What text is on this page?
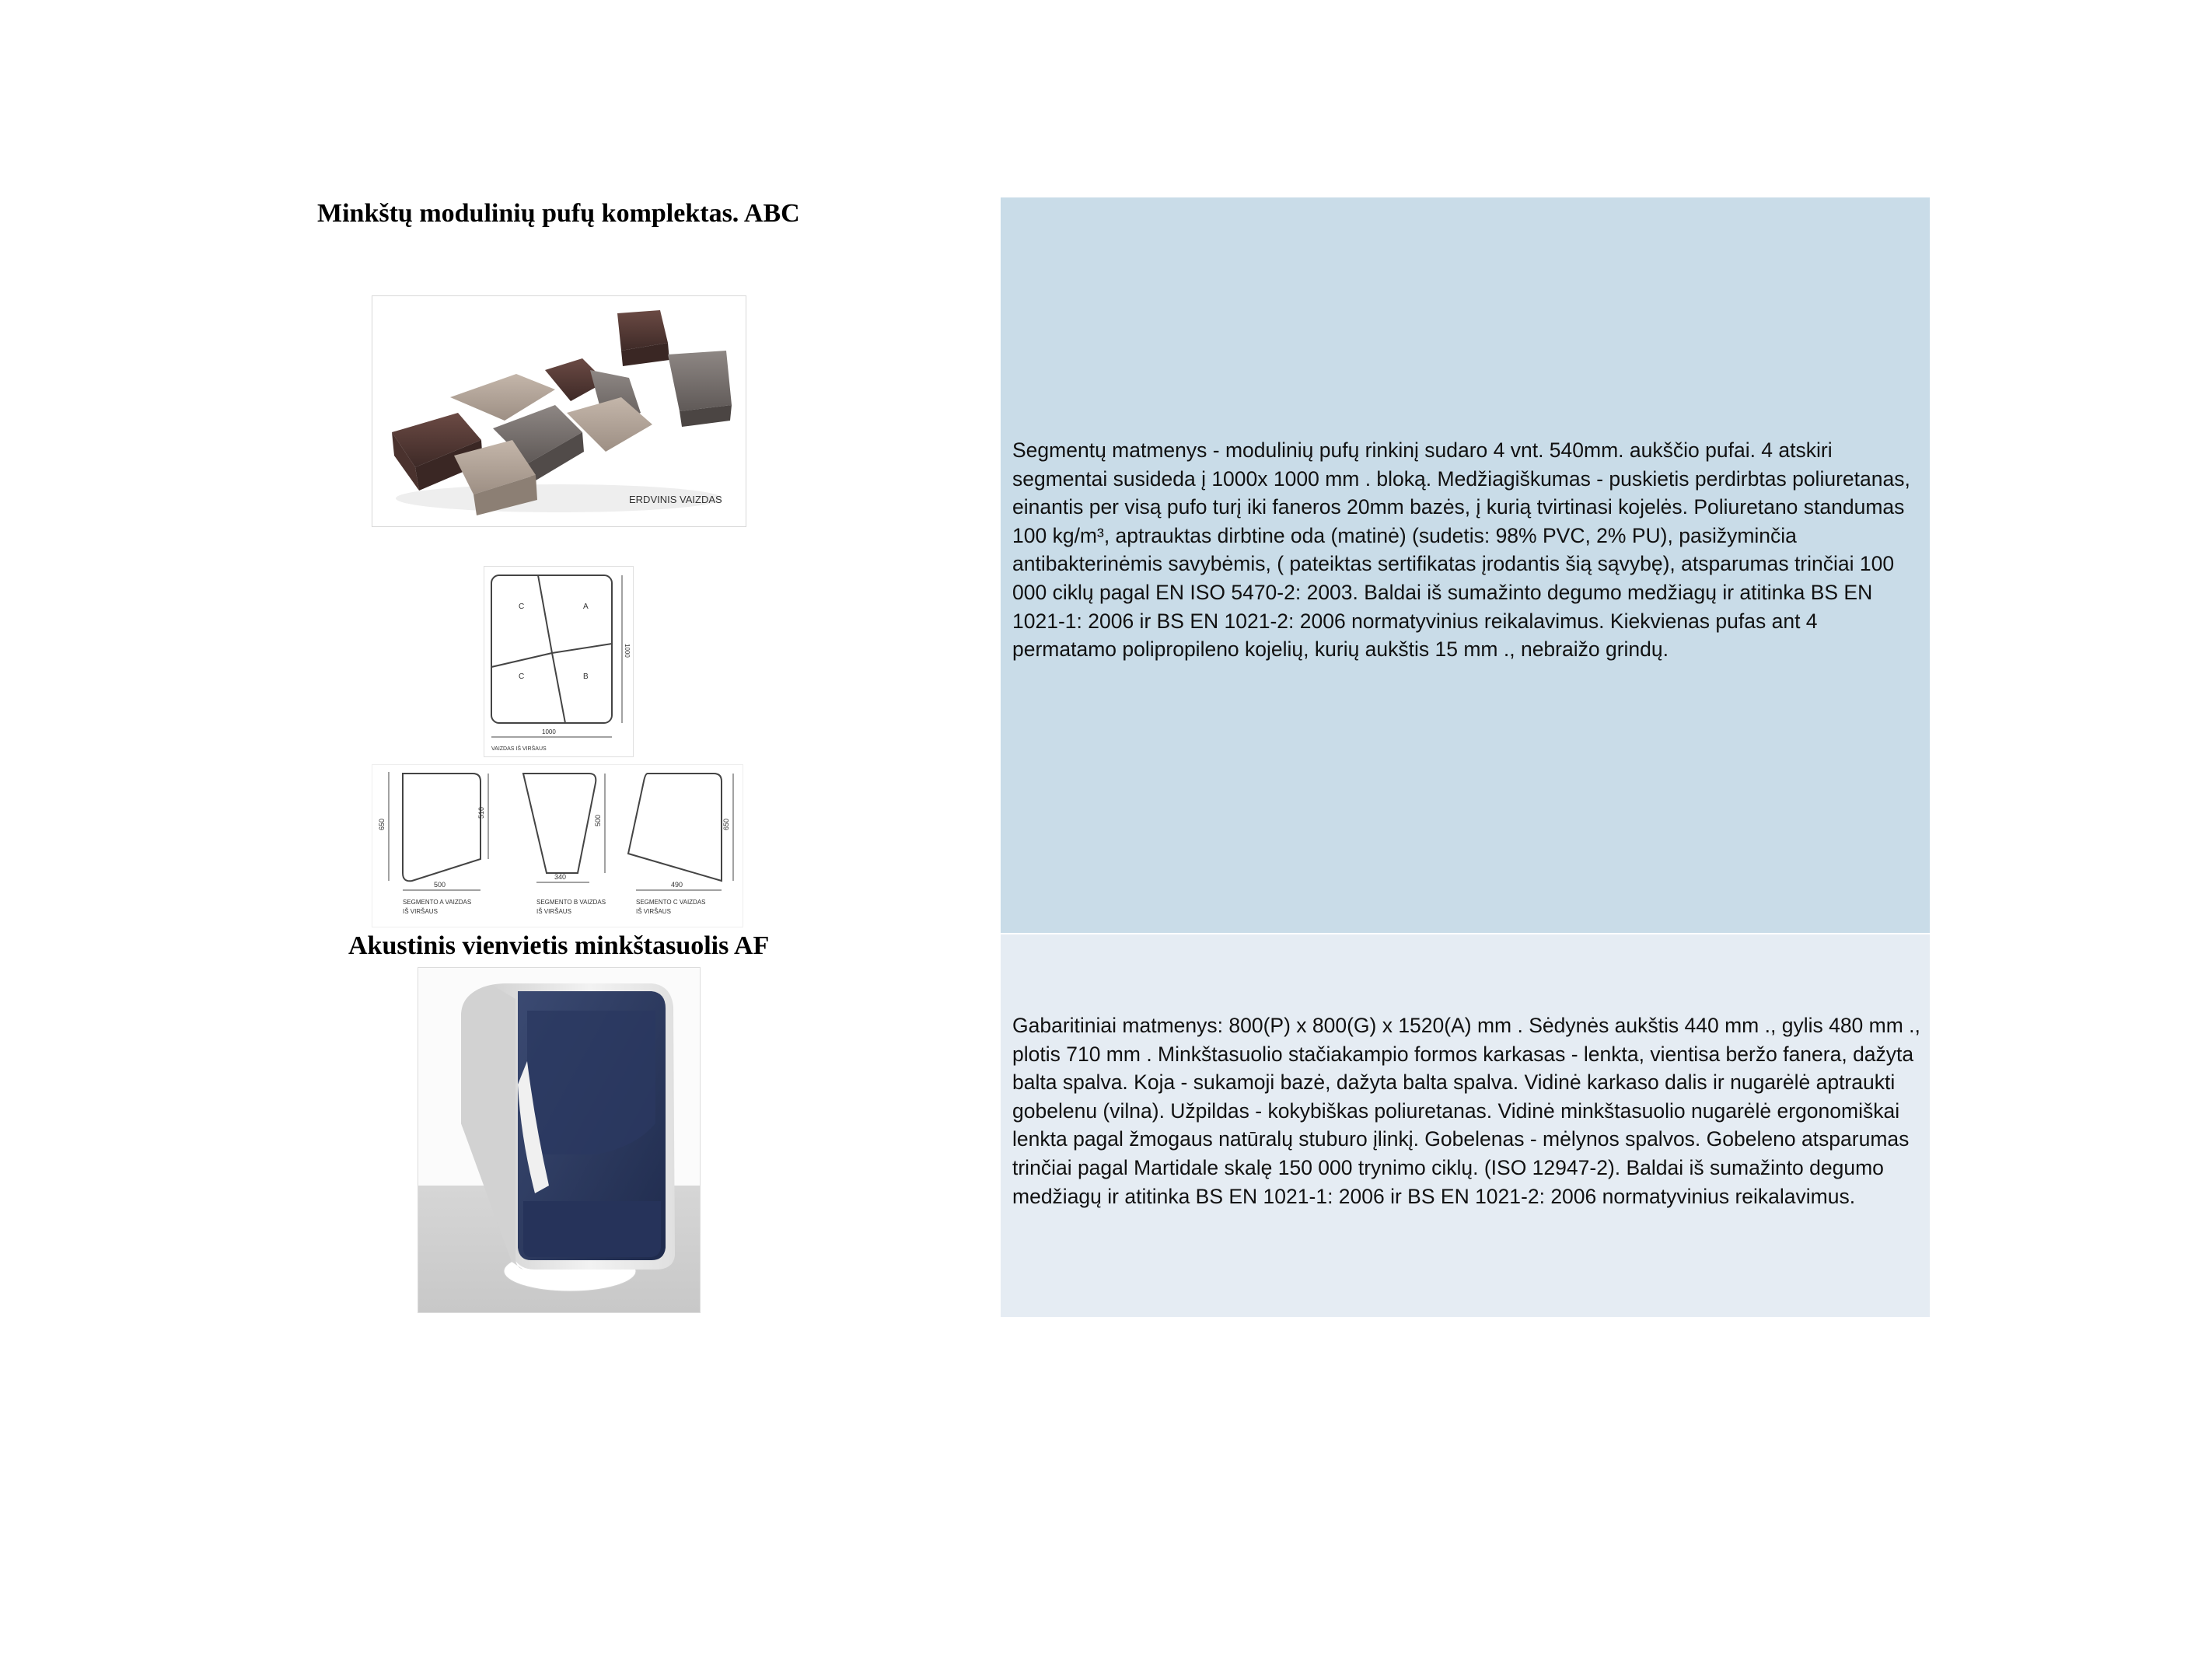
Minkštų modulinių pufų komplektas. ABC
ERDVINIS VAIZDAS
C	A
C	B
1000
1000
VAIZDAS IŠ VIRŠAUS
650
510
500
SEGMENTO A VAIZDAS
IŠ VIRŠAUS
500
340
SEGMENTO B VAIZDAS
IŠ VIRŠAUS
650
490
SEGMENTO C VAIZDAS
IŠ VIRŠAUS
Segmentų matmenys - modulinių pufų rinkinį sudaro 4 vnt. 540mm. aukščio pufai. 4 atskiri segmentai susideda į 1000x 1000 mm . bloką. Medžiagiškumas - puskietis perdirbtas poliuretanas, einantis per visą pufo turį iki faneros 20mm bazės, į kurią tvirtinasi kojelės. Poliuretano standumas 100 kg/m³, aptrauktas dirbtine oda (matinė) (sudetis: 98% PVC, 2% PU), pasižyminčia antibakterinėmis savybėmis, ( pateiktas sertifikatas įrodantis šią sąvybę), atsparumas trinčiai 100 000 ciklų pagal EN ISO 5470-2: 2003. Baldai iš sumažinto degumo medžiagų ir atitinka BS EN 1021-1: 2006 ir BS EN 1021-2: 2006 normatyvinius reikalavimus. Kiekvienas pufas ant 4 permatamo polipropileno kojelių, kurių aukštis 15 mm ., nebraižo grindų.
Akustinis vienvietis minkštasuolis AF
Gabaritiniai matmenys: 800(P) x 800(G) x 1520(A) mm . Sėdynės aukštis 440 mm ., gylis 480 mm ., plotis 710 mm . Minkštasuolio stačiakampio formos karkasas - lenkta, vientisa beržo fanera, dažyta balta spalva. Koja - sukamoji bazė, dažyta balta spalva. Vidinė karkaso dalis ir nugarėlė aptraukti gobelenu (vilna). Užpildas - kokybiškas poliuretanas. Vidinė minkštasuolio nugarėlė ergonomiškai lenkta pagal žmogaus natūralų stuburo įlinkį. Gobelenas - mėlynos spalvos. Gobeleno atsparumas trinčiai pagal Martidale skalę 150 000 trynimo ciklų. (ISO 12947-2). Baldai iš sumažinto degumo medžiagų ir atitinka BS EN 1021-1: 2006 ir BS EN 1021-2: 2006 normatyvinius reikalavimus.
